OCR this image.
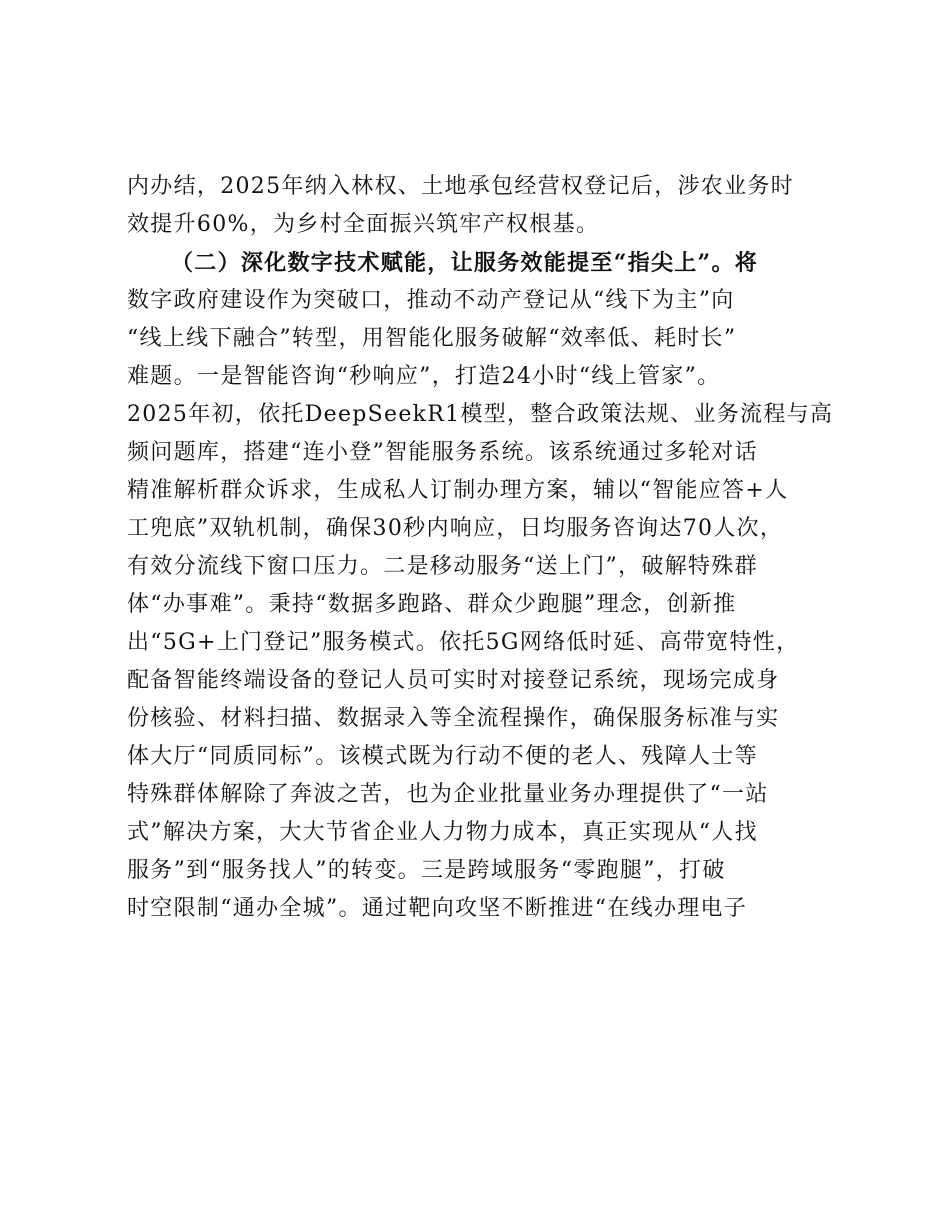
内办结，2025年纳入林权、土地承包经营权登记后，涉农业务时
效提升60%，为乡村全面振兴筑牢产权根基。
（二）深化数字技术赋能，让服务效能提至“指尖上”。将
数字政府建设作为突破口，推动不动产登记从“线下为主”向
“线上线下融合”转型，用智能化服务破解“效率低、耗时长”
难题。一是智能咨询“秒响应”，打造24小时“线上管家”。
2025年初，依托DeepSeekR1模型，整合政策法规、业务流程与高
频问题库，搭建“连小登”智能服务系统。该系统通过多轮对话
精准解析群众诉求，生成私人订制办理方案，辅以“智能应答+人
工兜底”双轨机制，确保30秒内响应，日均服务咨询达70人次，
有效分流线下窗口压力。二是移动服务“送上门”，破解特殊群
体“办事难”。秉持“数据多跑路、群众少跑腿”理念，创新推
出“5G+上门登记”服务模式。依托5G网络低时延、高带宽特性，
配备智能终端设备的登记人员可实时对接登记系统，现场完成身
份核验、材料扫描、数据录入等全流程操作，确保服务标准与实
体大厅“同质同标”。该模式既为行动不便的老人、残障人士等
特殊群体解除了奔波之苦，也为企业批量业务办理提供了“一站
式”解决方案，大大节省企业人力物力成本，真正实现从“人找
服务”到“服务找人”的转变。三是跨域服务“零跑腿”，打破
时空限制“通办全城”。通过靶向攻坚不断推进“在线办理电子
